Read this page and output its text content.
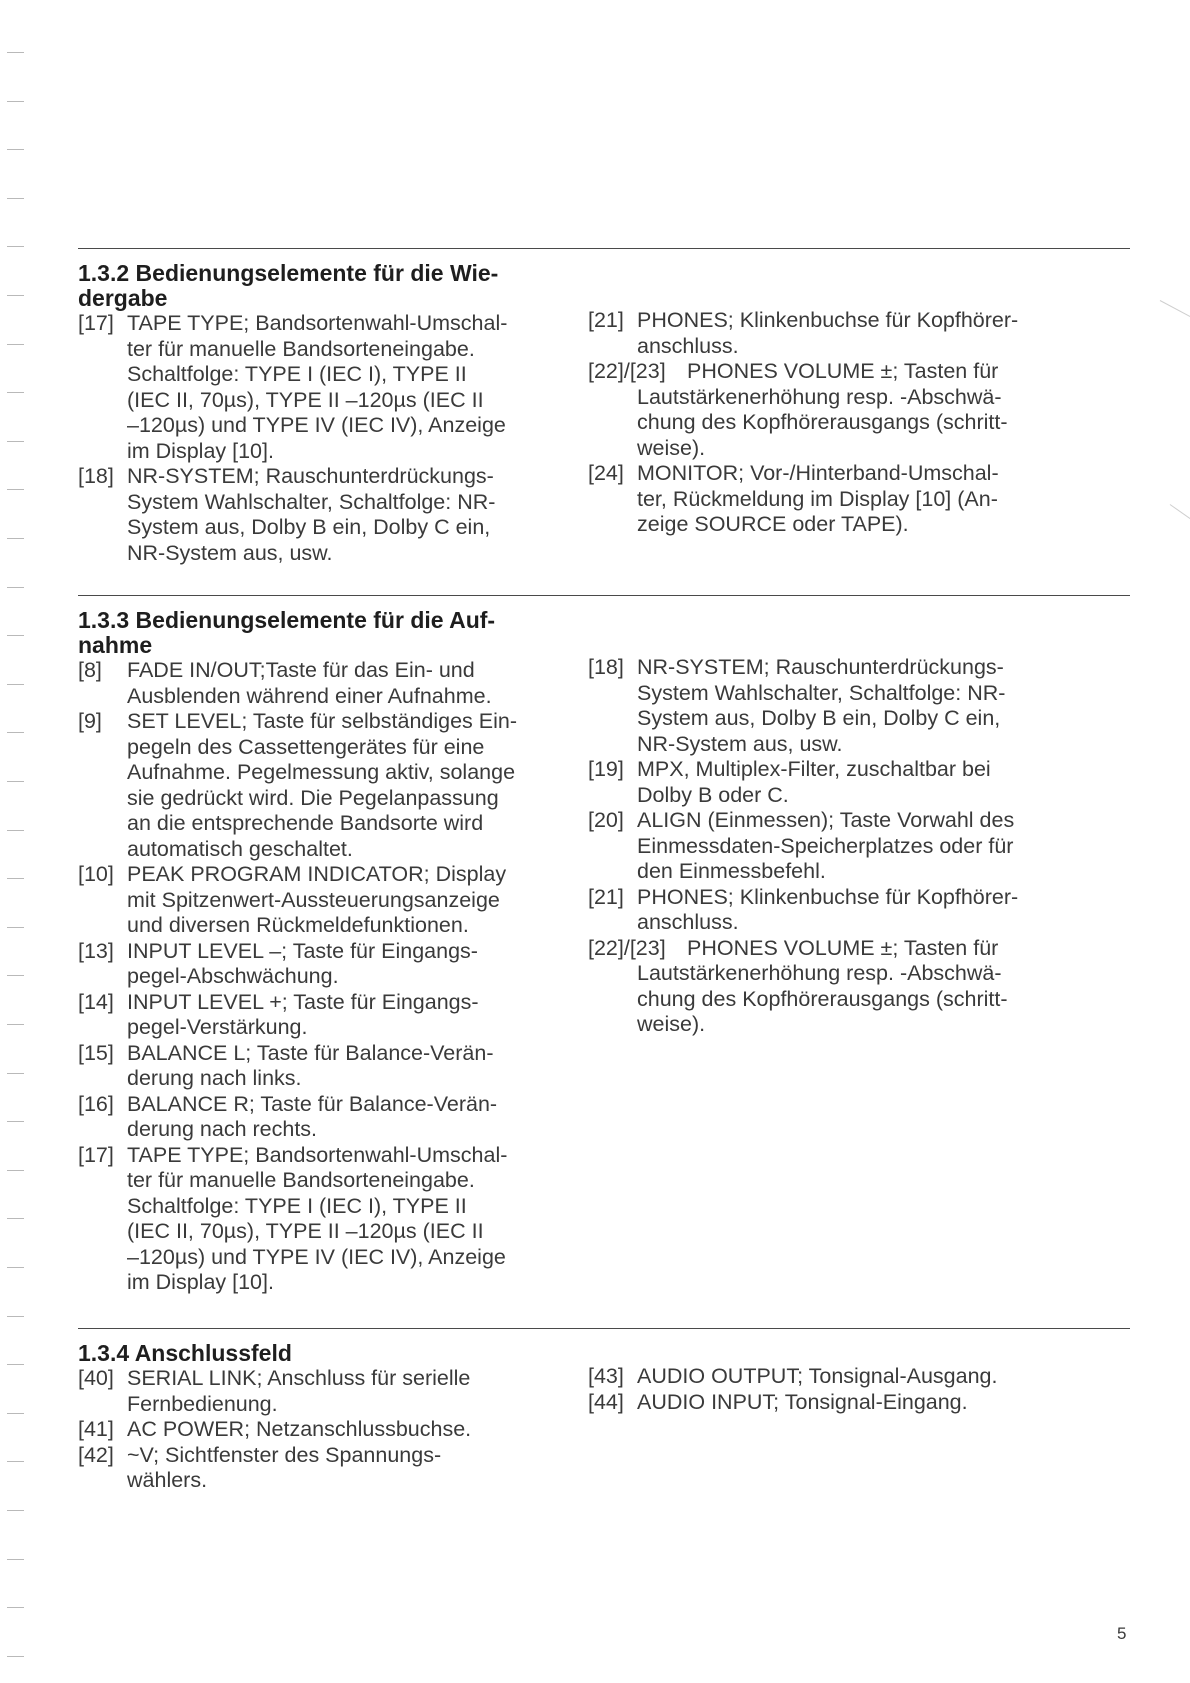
1.3.2 Bedienungselemente für die Wie-
dergabe
[17] TAPE TYPE; Bandsortenwahl-Umschal-
ter für manuelle Bandsorteneingabe.
Schaltfolge: TYPE I (IEC I), TYPE II
(IEC II, 70µs), TYPE II –120µs (IEC II
–120µs) und TYPE IV (IEC IV), Anzeige
im Display [10].
[18] NR-SYSTEM; Rauschunterdrückungs-
System Wahlschalter, Schaltfolge: NR-
System aus, Dolby B ein, Dolby C ein,
NR-System aus, usw.
[21] PHONES; Klinkenbuchse für Kopfhörer-
anschluss.
[22]/[23] PHONES VOLUME ±; Tasten für
Lautstärkenerhöhung resp. -Abschwä-
chung des Kopfhörerausgangs (schritt-
weise).
[24] MONITOR; Vor-/Hinterband-Umschal-
ter, Rückmeldung im Display [10] (An-
zeige SOURCE oder TAPE).
1.3.3 Bedienungselemente für die Auf-
nahme
[8] FADE IN/OUT;Taste für das Ein- und
Ausblenden während einer Aufnahme.
[9] SET LEVEL; Taste für selbständiges Ein-
pegeln des Cassettengerätes für eine
Aufnahme. Pegelmessung aktiv, solange
sie gedrückt wird. Die Pegelanpassung
an die entsprechende Bandsorte wird
automatisch geschaltet.
[10] PEAK PROGRAM INDICATOR; Display
mit Spitzenwert-Aussteuerungsanzeige
und diversen Rückmeldefunktionen.
[13] INPUT LEVEL –; Taste für Eingangs-
pegel-Abschwächung.
[14] INPUT LEVEL +; Taste für Eingangs-
pegel-Verstärkung.
[15] BALANCE L; Taste für Balance-Verän-
derung nach links.
[16] BALANCE R; Taste für Balance-Verän-
derung nach rechts.
[17] TAPE TYPE; Bandsortenwahl-Umschal-
ter für manuelle Bandsorteneingabe.
Schaltfolge: TYPE I (IEC I), TYPE II
(IEC II, 70µs), TYPE II –120µs (IEC II
–120µs) und TYPE IV (IEC IV), Anzeige
im Display [10].
[18] NR-SYSTEM; Rauschunterdrückungs-
System Wahlschalter, Schaltfolge: NR-
System aus, Dolby B ein, Dolby C ein,
NR-System aus, usw.
[19] MPX, Multiplex-Filter, zuschaltbar bei
Dolby B oder C.
[20] ALIGN (Einmessen); Taste Vorwahl des
Einmessdaten-Speicherplatzes oder für
den Einmessbefehl.
[21] PHONES; Klinkenbuchse für Kopfhörer-
anschluss.
[22]/[23] PHONES VOLUME ±; Tasten für
Lautstärkenerhöhung resp. -Abschwä-
chung des Kopfhörerausgangs (schritt-
weise).
1.3.4 Anschlussfeld
[40] SERIAL LINK; Anschluss für serielle
Fernbedienung.
[41] AC POWER; Netzanschlussbuchse.
[42] ~V; Sichtfenster des Spannungs-
wählers.
[43] AUDIO OUTPUT; Tonsignal-Ausgang.
[44] AUDIO INPUT; Tonsignal-Eingang.
5
